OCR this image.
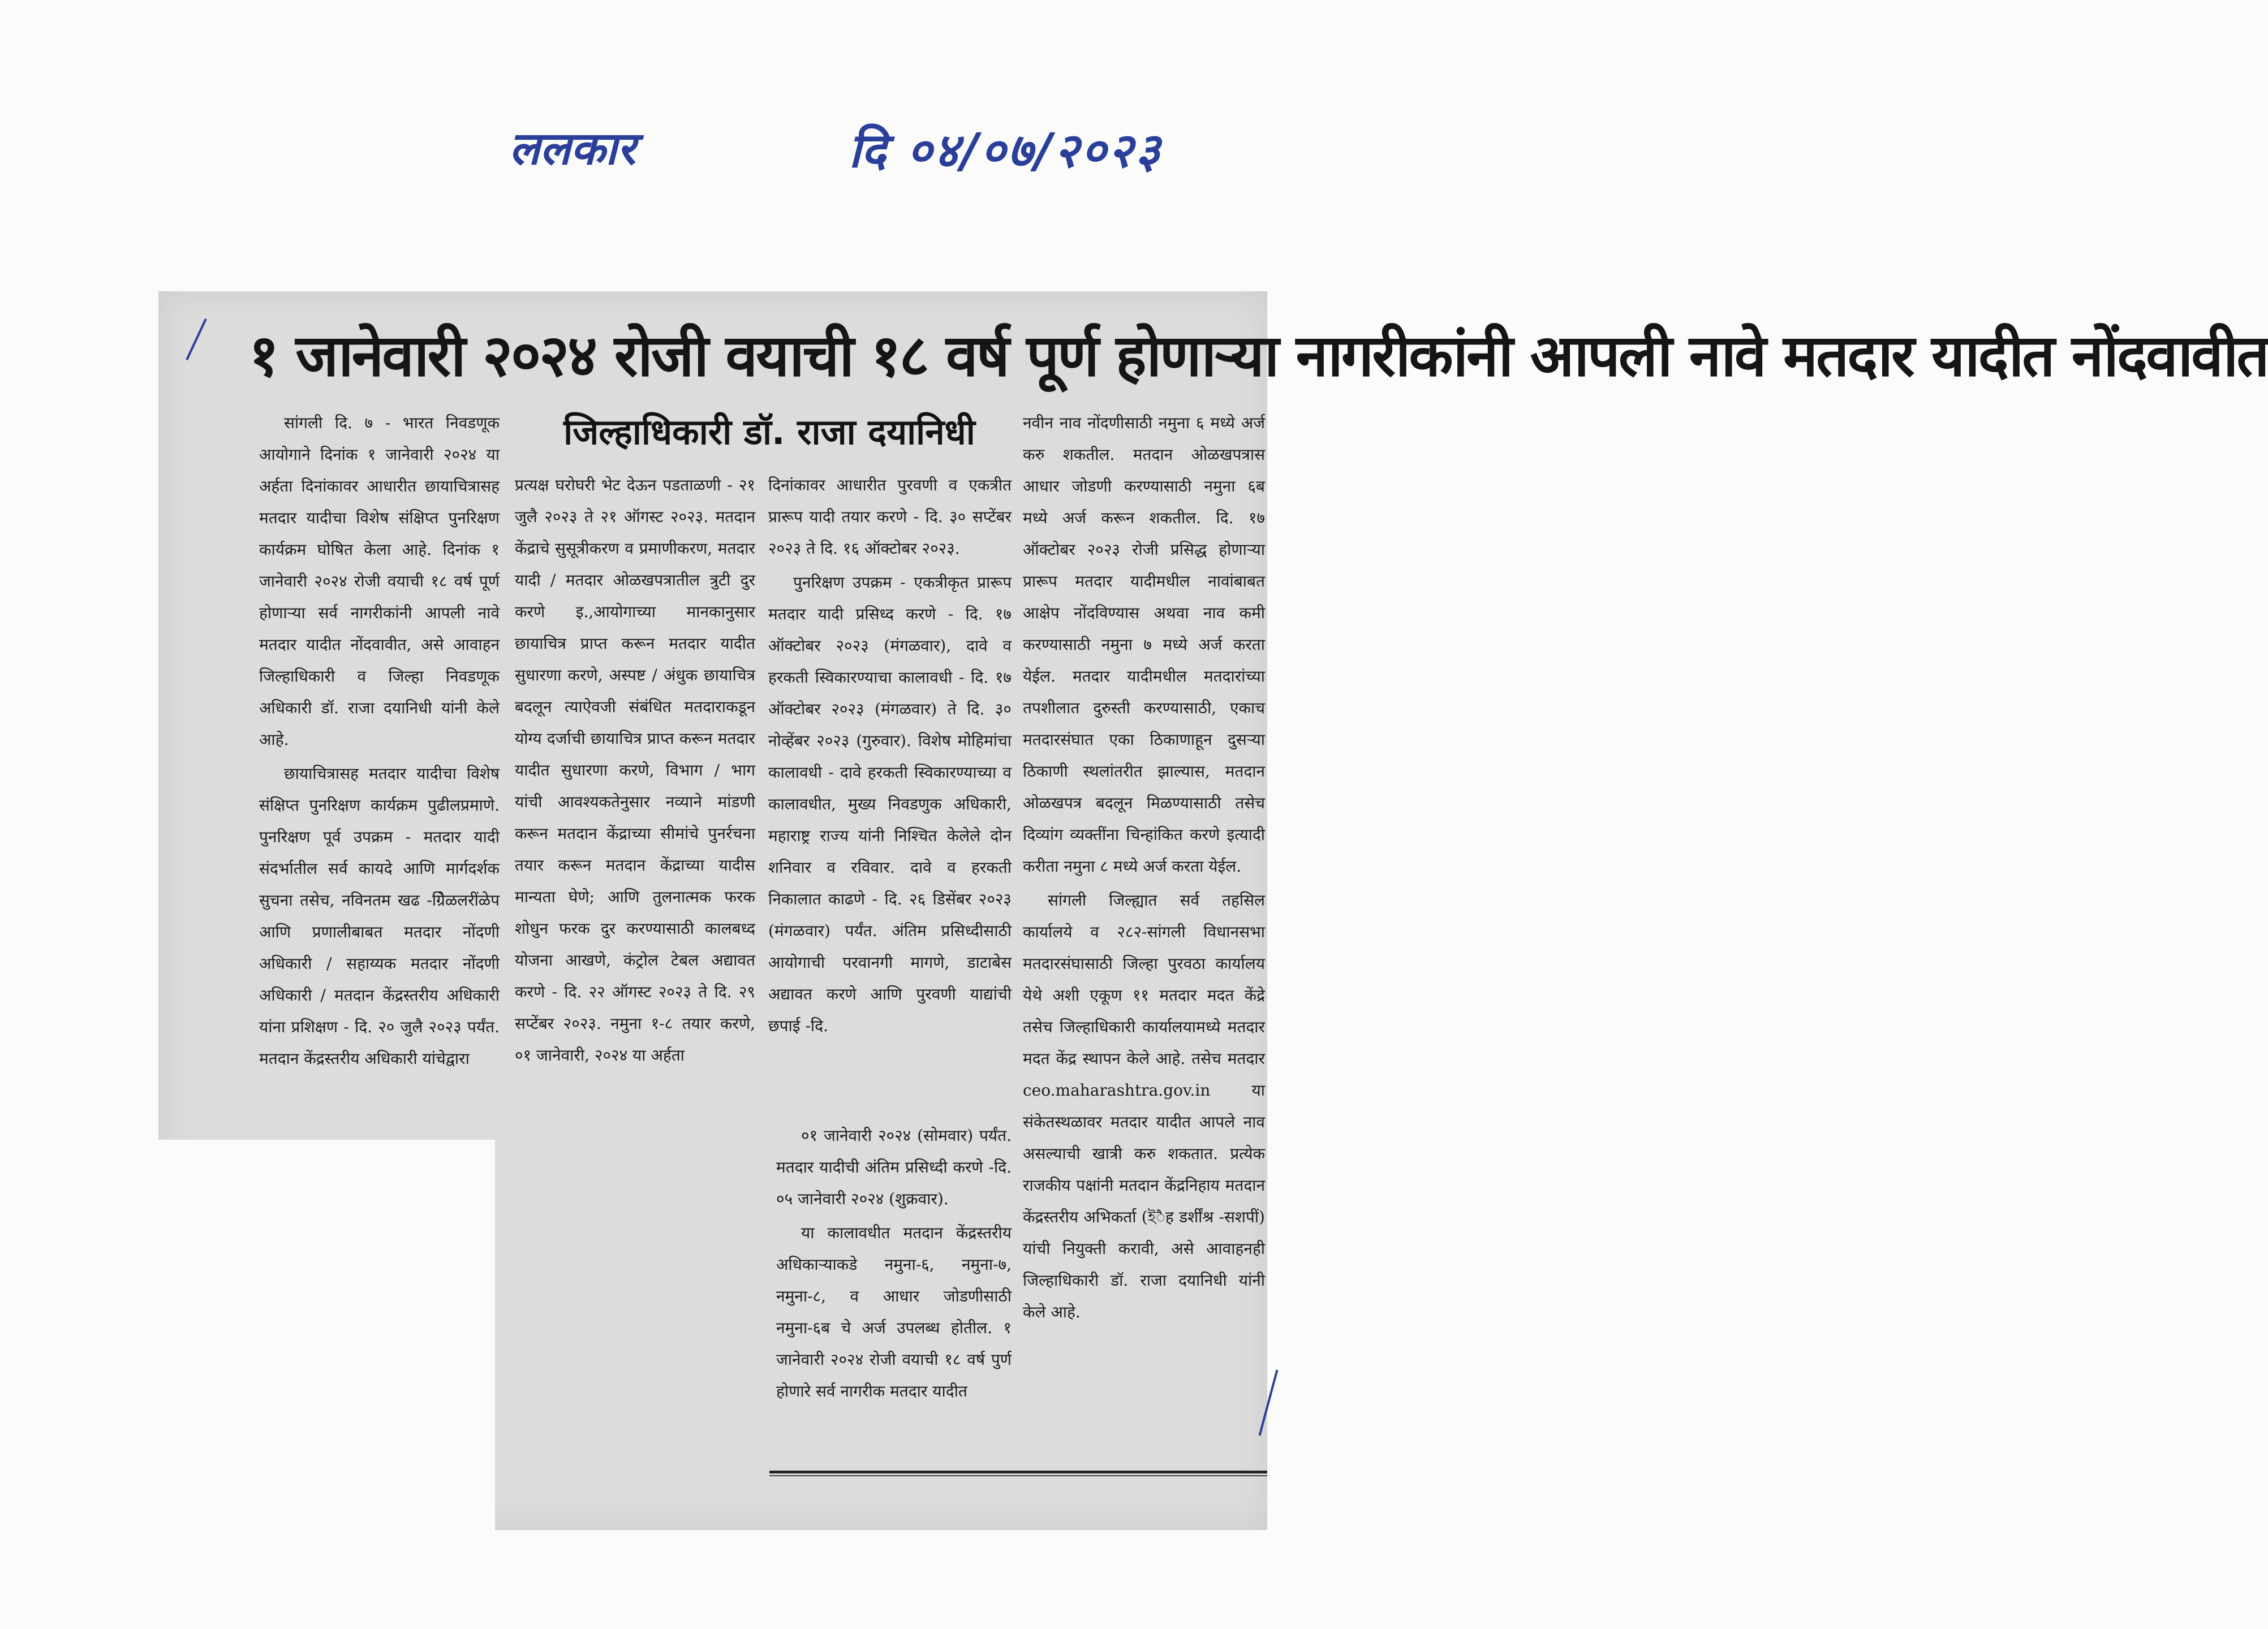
ललकार	दि ०४/०७/२०२३
१ जानेवारी २०२४ रोजी वयाची १८ वर्ष पूर्ण होणाऱ्या नागरीकांनी आपली नावे मतदार यादीत नोंदवावीत
जिल्हाधिकारी डॉ. राजा दयानिधी

सांगली दि. ७ - भारत निवडणूक आयोगाने दिनांक १ जानेवारी २०२४ या अर्हता दिनांकावर आधारीत छायाचित्रासह मतदार यादीचा विशेष संक्षिप्त पुनरिक्षण कार्यक्रम घोषित केला आहे. दिनांक १ जानेवारी २०२४ रोजी वयाची १८ वर्ष पूर्ण होणाऱ्या सर्व नागरीकांनी आपली नावे मतदार यादीत नोंदवावीत, असे आवाहन जिल्हाधिकारी व जिल्हा निवडणूक अधिकारी डॉ. राजा दयानिधी यांनी केले आहे.

छायाचित्रासह मतदार यादीचा विशेष संक्षिप्त पुनरिक्षण कार्यक्रम पुढीलप्रमाणे. पुनरिक्षण पूर्व उपक्रम - मतदार यादी संदर्भातील सर्व कायदे आणि मार्गदर्शक सुचना तसेच, नविनतम खढ -ग्रिेळलरींळेप आणि प्रणालीबाबत मतदार नोंदणी अधिकारी / सहाय्यक मतदार नोंदणी अधिकारी / मतदान केंद्रस्तरीय अधिकारी यांना प्रशिक्षण - दि. २० जुलै २०२३ पर्यंत. मतदान केंद्रस्तरीय अधिकारी यांचेद्वारा

प्रत्यक्ष घरोघरी भेट देऊन पडताळणी - २१ जुलै २०२३ ते २१ ऑगस्ट २०२३. मतदान केंद्राचे सुसूत्रीकरण व प्रमाणीकरण, मतदार यादी / मतदार ओळखपत्रातील त्रुटी दुर करणे इ.,आयोगाच्या मानकानुसार छायाचित्र प्राप्त करून मतदार यादीत सुधारणा करणे, अस्पष्ट / अंधुक छायाचित्र बदलून त्याऐवजी संबंधित मतदाराकडून योग्य दर्जाची छायाचित्र प्राप्त करून मतदार यादीत सुधारणा करणे, विभाग / भाग यांची आवश्यकतेनुसार नव्याने मांडणी करून मतदान केंद्राच्या सीमांचे पुनर्रचना तयार करून मतदान केंद्राच्या यादीस मान्यता घेणे; आणि तुलनात्मक फरक शोधुन फरक दुर करण्यासाठी कालबध्द योजना आखणे, कंट्रोल टेबल अद्यावत करणे - दि. २२ ऑगस्ट २०२३ ते दि. २९ सप्टेंबर २०२३. नमुना १-८ तयार करणे, ०१ जानेवारी, २०२४ या अर्हता

दिनांकावर आधारीत पुरवणी व एकत्रीत प्रारूप यादी तयार करणे - दि. ३० सप्टेंबर २०२३ ते दि. १६ ऑक्टोबर २०२३.

पुनरिक्षण उपक्रम - एकत्रीकृत प्रारूप मतदार यादी प्रसिध्द करणे - दि. १७ ऑक्टोबर २०२३ (मंगळवार), दावे व हरकती स्विकारण्याचा कालावधी - दि. १७ ऑक्टोबर २०२३ (मंगळवार) ते दि. ३० नोव्हेंबर २०२३ (गुरुवार). विशेष मोहिमांचा कालावधी - दावे हरकती स्विकारण्याच्या व कालावधीत, मुख्य निवडणुक अधिकारी, महाराष्ट्र राज्य यांनी निश्चित केलेले दोन शनिवार व रविवार. दावे व हरकती निकालात काढणे - दि. २६ डिसेंबर २०२३ (मंगळवार) पर्यंत. अंतिम प्रसिध्दीसाठी आयोगाची परवानगी मागणे, डाटाबेस अद्यावत करणे आणि पुरवणी याद्यांची छपाई -दि.

०१ जानेवारी २०२४ (सोमवार) पर्यंत. मतदार यादीची अंतिम प्रसिध्दी करणे -दि. ०५ जानेवारी २०२४ (शुक्रवार).

या कालावधीत मतदान केंद्रस्तरीय अधिकाऱ्याकडे नमुना-६, नमुना-७, नमुना-८, व आधार जोडणीसाठी नमुना-६ब चे अर्ज उपलब्ध होतील. १ जानेवारी २०२४ रोजी वयाची १८ वर्ष पुर्ण होणारे सर्व नागरीक मतदार यादीत

नवीन नाव नोंदणीसाठी नमुना ६ मध्ये अर्ज करु शकतील. मतदान ओळखपत्रास आधार जोडणी करण्यासाठी नमुना ६ब मध्ये अर्ज करून शकतील. दि. १७ ऑक्टोबर २०२३ रोजी प्रसिद्ध होणाऱ्या प्रारूप मतदार यादीमधील नावांबाबत आक्षेप नोंदविण्यास अथवा नाव कमी करण्यासाठी नमुना ७ मध्ये अर्ज करता येईल. मतदार यादीमधील मतदारांच्या तपशीलात दुरुस्ती करण्यासाठी, एकाच मतदारसंघात एका ठिकाणाहून दुसऱ्या ठिकाणी स्थलांतरीत झाल्यास, मतदान ओळखपत्र बदलून मिळण्यासाठी तसेच दिव्यांग व्यक्तींना चिन्हांकित करणे इत्यादी करीता नमुना ८ मध्ये अर्ज करता येईल.

सांगली जिल्ह्यात सर्व तहसिल कार्यालये व २८२-सांगली विधानसभा मतदारसंघासाठी जिल्हा पुरवठा कार्यालय येथे अशी एकूण ११ मतदार मदत केंद्रे तसेच जिल्हाधिकारी कार्यालयामध्ये मतदार मदत केंद्र स्थापन केले आहे. तसेच मतदार ceo.maharashtra.gov.in या संकेतस्थळावर मतदार यादीत आपले नाव असल्याची खात्री करु शकतात. प्रत्येक राजकीय पक्षांनी मतदान केंद्रनिहाय मतदान केंद्रस्तरीय अभिकर्ता (ইैह डर्शींश्र -सशपीं) यांची नियुक्ती करावी, असे आवाहनही जिल्हाधिकारी डॉ. राजा दयानिधी यांनी केले आहे.
